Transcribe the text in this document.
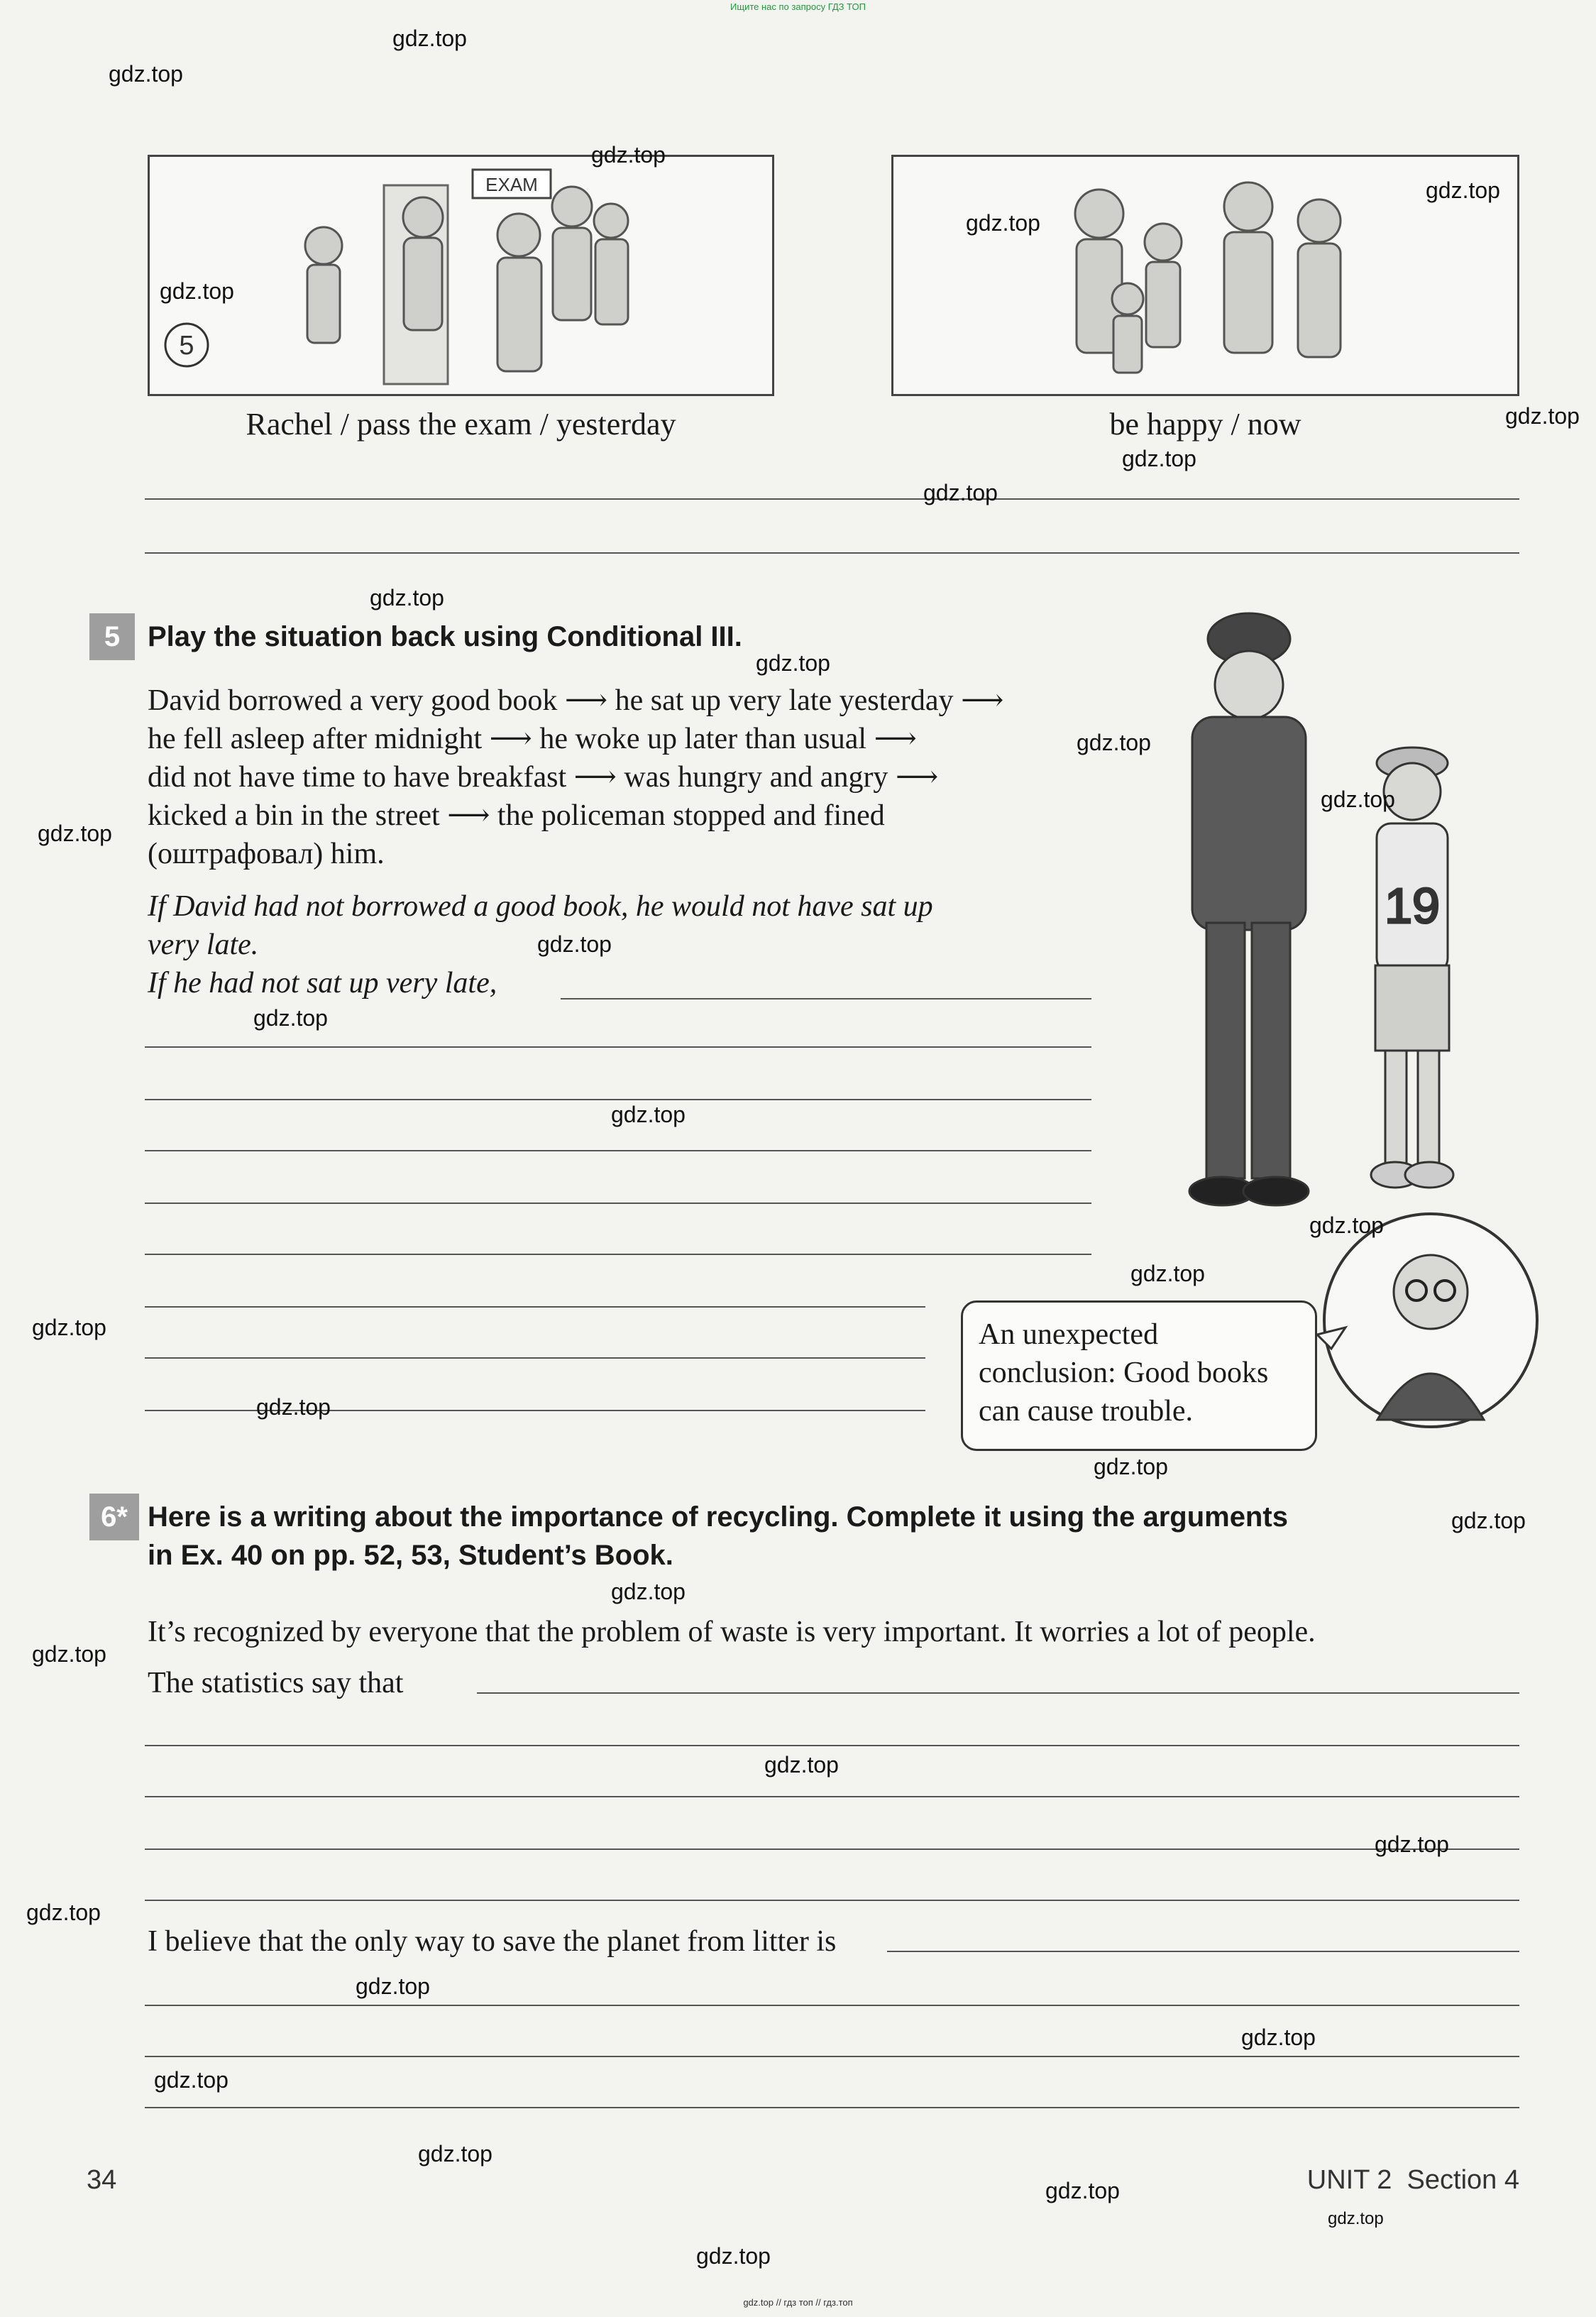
Ищите нас по запросу ГДЗ ТОП
gdz.top // гдз топ // гдз.топ
EXAM
5
Rachel / pass the exam / yesterday	be happy / now
5 Play the situation back using Conditional III.
David borrowed a very good book ⟶ he sat up very late yesterday ⟶
he fell asleep after midnight ⟶ he woke up later than usual ⟶
did not have time to have breakfast ⟶ was hungry and angry ⟶
kicked a bin in the street ⟶ the policeman stopped and fined
(оштрафовал) him.
If David had not borrowed a good book, he would not have sat up
very late.
If he had not sat up very late,
19
An unexpected conclusion: Good books can cause trouble.
6* Here is a writing about the importance of recycling. Complete it using the arguments
in Ex. 40 on pp. 52, 53, Student’s Book.
It’s recognized by everyone that the problem of waste is very important. It worries a lot of people.
The statistics say that
I believe that the only way to save the planet from litter is
34	UNIT 2 Section 4
gdz.top
gdz.top
gdz.top
gdz.top
gdz.top
gdz.top
gdz.top
gdz.top
gdz.top
gdz.top
gdz.top
gdz.top
gdz.top
gdz.top
gdz.top
gdz.top
gdz.top
gdz.top
gdz.top
gdz.top
gdz.top
gdz.top
gdz.top
gdz.top
gdz.top
gdz.top
gdz.top
gdz.top
gdz.top
gdz.top
gdz.top
gdz.top
gdz.top
gdz.top
gdz.top
